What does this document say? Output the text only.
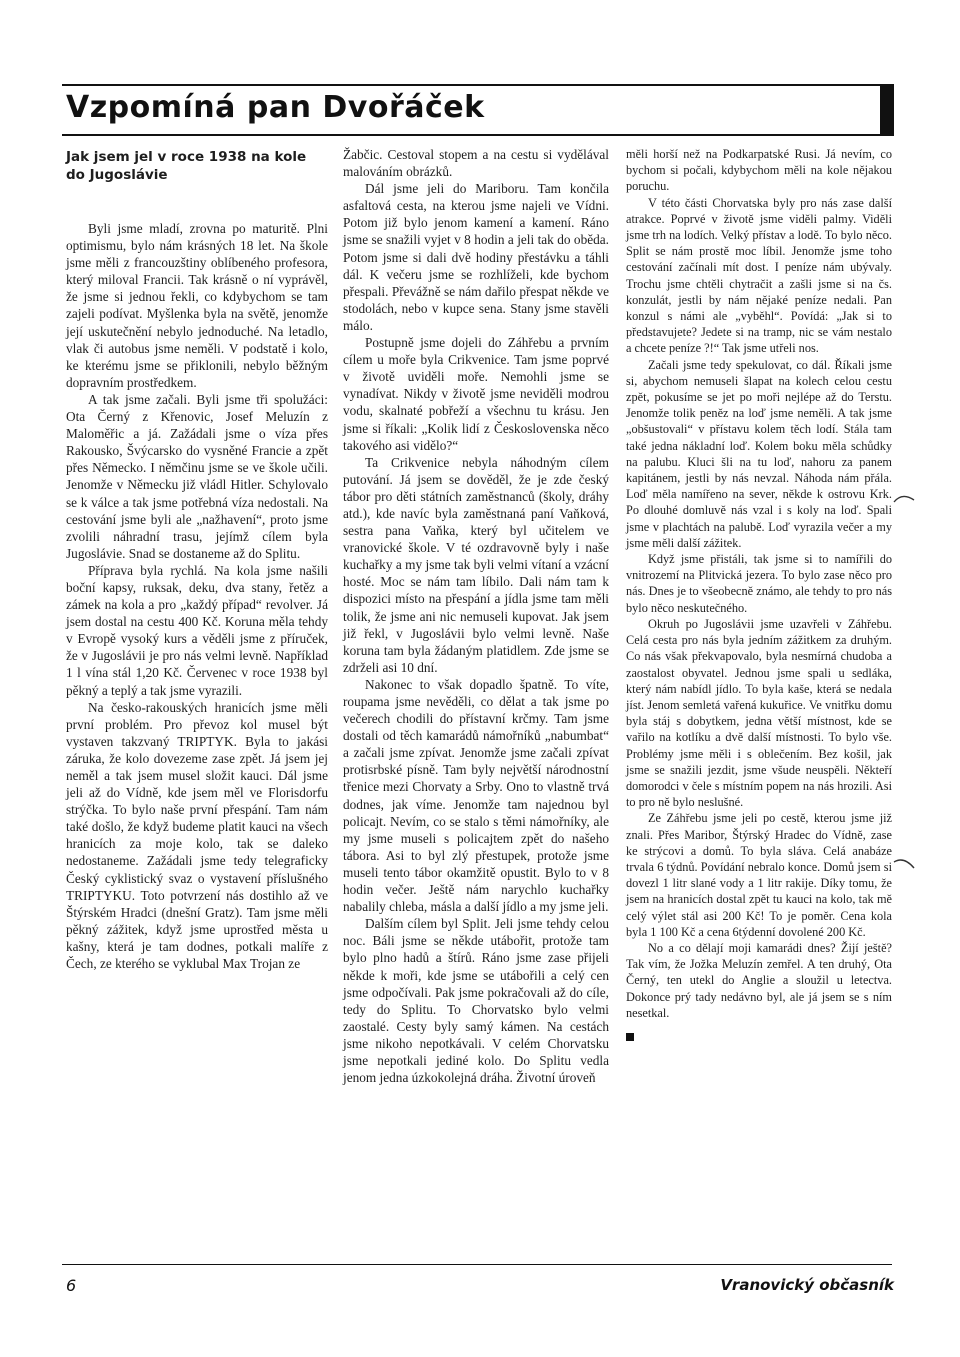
Vzpomíná pan Dvořáček
Jak jsem jel v roce 1938 na kole do Jugoslávie

Byli jsme mladí, zrovna po maturitě. Plni optimismu, bylo nám krásných 18 let. Na škole jsme měli z francouzštiny oblíbeného profesora, který miloval Francii. Tak krásně o ní vyprávěl, že jsme si jednou řekli, co kdybychom se tam zajeli podívat. Myšlenka byla na světě, jenomže její uskutečnění nebylo jednoduché. Na letadlo, vlak či autobus jsme neměli. V podstatě i kolo, ke kterému jsme se přiklonili, nebylo běžným dopravním prostředkem.

A tak jsme začali. Byli jsme tři spolužáci: Ota Černý z Křenovic, Josef Meluzín z Maloměřic a já. Zažádali jsme o víza přes Rakousko, Švýcarsko do vysněné Francie a zpět přes Německo. I němčinu jsme se ve škole učili. Jenomže v Německu již vládl Hitler. Schylovalo se k válce a tak jsme potřebná víza nedostali. Na cestování jsme byli ale „nažhavení“, proto jsme zvolili náhradní trasu, jejímž cílem byla Jugoslávie. Snad se dostaneme až do Splitu.

Příprava byla rychlá. Na kola jsme našili boční kapsy, ruksak, deku, dva stany, řetěz a zámek na kola a pro „každý případ“ revolver. Já jsem dostal na cestu 400 Kč. Koruna měla tehdy v Evropě vysoký kurs a věděli jsme z příruček, že v Jugoslávii je pro nás velmi levně. Například 1 l vína stál 1,20 Kč. Červenec v roce 1938 byl pěkný a teplý a tak jsme vyrazili.

Na česko-rakouských hranicích jsme měli první problém. Pro převoz kol musel být vystaven takzvaný TRIPTYK. Byla to jakási záruka, že kolo dovezeme zase zpět. Já jsem jej neměl a tak jsem musel složit kauci. Dál jsme jeli až do Vídně, kde jsem měl ve Florisdorfu strýčka. To bylo naše první přespání. Tam nám také došlo, že když budeme platit kauci na všech hranicích za moje kolo, tak se daleko nedostaneme. Zažádali jsme tedy telegraficky Český cyklistický svaz o vystavení příslušného TRIPTYKU. Toto potvrzení nás dostihlo až ve Štýrském Hradci (dnešní Gratz). Tam jsme měli pěkný zážitek, když jsme uprostřed města u kašny, která je tam dodnes, potkali malíře z Čech, ze kterého se vyklubal Max Trojan ze

Žabčic. Cestoval stopem a na cestu si vydělával malováním obrázků.

Dál jsme jeli do Mariboru. Tam končila asfaltová cesta, na kterou jsme najeli ve Vídni. Potom již bylo jenom kamení a kamení. Ráno jsme se snažili vyjet v 8 hodin a jeli tak do oběda. Potom jsme si dali dvě hodiny přestávku a táhli dál. K večeru jsme se rozhlíželi, kde bychom přespali. Převážně se nám dařilo přespat někde ve stodolách, nebo v kupce sena. Stany jsme stavěli málo.

Postupně jsme dojeli do Záhřebu a prvním cílem u moře byla Crikvenice. Tam jsme poprvé v životě uviděli moře. Nemohli jsme se vynadívat. Nikdy v životě jsme neviděli modrou vodu, skalnaté pobřeží a všechnu tu krásu. Jen jsme si říkali: „Kolik lidí z Československa něco takového asi vidělo?“

Ta Crikvenice nebyla náhodným cílem putování. Já jsem se dověděl, že je zde český tábor pro děti státních zaměstnanců (školy, dráhy atd.), kde navíc byla zaměstnaná paní Vaňková, sestra pana Vaňka, který byl učitelem ve vranovické škole. V té ozdravovně byly i naše kuchařky a my jsme tak byli velmi vítaní a vzácní hosté. Moc se nám tam líbilo. Dali nám tam k dispozici místo na přespání a jídla jsme tam měli tolik, že jsme ani nic nemuseli kupovat. Jak jsem již řekl, v Jugoslávii bylo velmi levně. Naše koruna tam byla žádaným platidlem. Zde jsme se zdrželi asi 10 dní.

Nakonec to však dopadlo špatně. To víte, roupama jsme nevěděli, co dělat a tak jsme po večerech chodili do přístavní krčmy. Tam jsme dostali od těch kamarádů námořníků „nabumbat“ a začali jsme zpívat. Jenomže jsme začali zpívat protisrbské písně. Tam byly největší národnostní třenice mezi Chorvaty a Srby. Ono to vlastně trvá dodnes, jak víme. Jenomže tam najednou byl policajt. Nevím, co se stalo s těmi námořníky, ale my jsme museli s policajtem zpět do našeho tábora. Asi to byl zlý přestupek, protože jsme museli tento tábor okamžitě opustit. Bylo to v 8 hodin večer. Ještě nám narychlo kuchařky nabalily chleba, másla a další jídlo a my jsme jeli.

Dalším cílem byl Split. Jeli jsme tehdy celou noc. Báli jsme se někde utábořit, protože tam bylo plno hadů a štírů. Ráno jsme zase přijeli někde k moři, kde jsme se utábořili a celý cen jsme odpočívali. Pak jsme pokračovali až do cíle, tedy do Splitu. To Chorvatsko bylo velmi zaostalé. Cesty byly samý kámen. Na cestách jsme nikoho nepotkávali. V celém Chorvatsku jsme nepotkali jediné kolo. Do Splitu vedla jenom jedna úzkokolejná dráha. Životní úroveň

měli horší než na Podkarpatské Rusi. Já nevím, co bychom si počali, kdybychom měli na kole nějakou poruchu.

V této části Chorvatska byly pro nás zase další atrakce. Poprvé v životě jsme viděli palmy. Viděli jsme trh na lodích. Velký přístav a lodě. To bylo něco. Split se nám prostě moc líbil. Jenomže jsme toho cestování začínali mít dost. I peníze nám ubývaly. Trochu jsme chtěli chytračit a zašli jsme si na čs. konzulát, jestli by nám nějaké peníze nedali. Pan konzul s námi ale „vyběhl“. Povídá: „Jak si to představujete? Jedete si na tramp, nic se vám nestalo a chcete peníze ?!“ Tak jsme utřeli nos.

Začali jsme tedy spekulovat, co dál. Říkali jsme si, abychom nemuseli šlapat na kolech celou cestu zpět, pokusíme se jet po moři nejlépe až do Terstu. Jenomže tolik peněz na loď jsme neměli. A tak jsme „obšustovali“ v přístavu kolem těch lodí. Stála tam také jedna nákladní loď. Kolem boku měla schůdky na palubu. Kluci šli na tu loď, nahoru za panem kapitánem, jestli by nás nevzal. Náhoda nám přála. Loď měla namířeno na sever, někde k ostrovu Krk. Po dlouhé domluvě nás vzal i s koly na loď. Spali jsme v plachtách na palubě. Loď vyrazila večer a my jsme měli další zážitek.

Když jsme přistáli, tak jsme si to namířili do vnitrozemí na Plitvická jezera. To bylo zase něco pro nás. Dnes je to všeobecně známo, ale tehdy to pro nás bylo něco neskutečného.

Okruh po Jugoslávii jsme uzavřeli v Záhřebu. Celá cesta pro nás byla jedním zážitkem za druhým. Co nás však překvapovalo, byla nesmírná chudoba a zaostalost obyvatel. Jednou jsme spali u sedláka, který nám nabídl jídlo. To byla kaše, která se nedala jíst. Jenom semletá vařená kukuřice. Ve vnitřku domu byla stáj s dobytkem, jedna větší místnost, kde se vařilo na kotlíku a dvě další místnosti. To bylo vše. Problémy jsme měli i s oblečením. Bez košil, jak jsme se snažili jezdit, jsme všude neuspěli. Někteří domorodci v čele s místním popem na nás hrozili. Asi to pro ně bylo neslušné.

Ze Záhřebu jsme jeli po cestě, kterou jsme již znali. Přes Maribor, Štýrský Hradec do Vídně, zase ke strýcovi a domů. To byla sláva. Celá anabáze trvala 6 týdnů. Povídání nebralo konce. Domů jsem si dovezl 1 litr slané vody a 1 litr rakije. Díky tomu, že jsem na hranicích dostal zpět tu kauci na kolo, tak mě celý výlet stál asi 200 Kč! To je poměr. Cena kola byla 1 100 Kč a cena 6týdenní dovolené 200 Kč.

No a co dělají moji kamarádi dnes? Žijí ještě? Tak vím, že Jožka Meluzín zemřel. A ten druhý, Ota Černý, ten utekl do Anglie a sloužil u letectva. Dokonce prý tady nedávno byl, ale já jsem se s ním nesetkal.

6	Vranovický občasník
